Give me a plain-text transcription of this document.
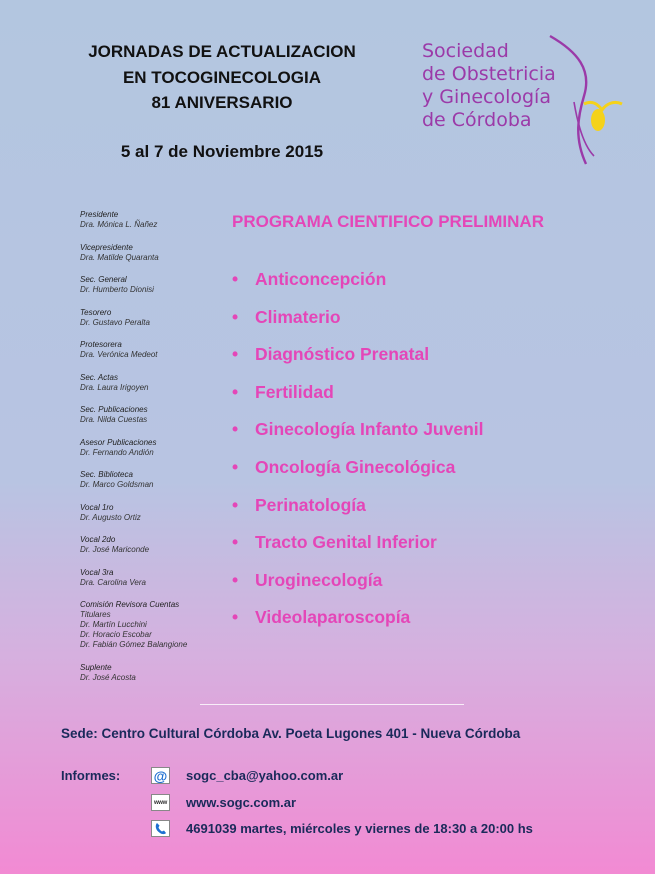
JORNADAS DE ACTUALIZACION
EN TOCOGINECOLOGIA
81 ANIVERSARIO
5 al 7 de Noviembre 2015
Sociedad
de Obstetricia
y Ginecología
de Córdoba
Presidente
Dra. Mónica L. Ñañez
Vicepresidente
Dra. Matilde Quaranta
Sec. General
Dr. Humberto Dionisi
Tesorero
Dr. Gustavo Peralta
Protesorera
Dra. Verónica Medeot
Sec. Actas
Dra. Laura Irigoyen
Sec. Publicaciones
Dra. Nilda Cuestas
Asesor Publicaciones
Dr. Fernando Andión
Sec. Biblioteca
Dr. Marco Goldsman
Vocal 1ro
Dr. Augusto Ortiz
Vocal 2do
Dr. José Mariconde
Vocal 3ra
Dra. Carolina Vera
Comisión Revisora Cuentas
Titulares
Dr. Martín Lucchini
Dr. Horacio Escobar
Dr. Fabián Gómez Balangione
Suplente
Dr. José Acosta
PROGRAMA CIENTIFICO PRELIMINAR
• Anticoncepción
• Climaterio
• Diagnóstico Prenatal
• Fertilidad
• Ginecología Infanto Juvenil
• Oncología Ginecológica
• Perinatología
• Tracto Genital Inferior
• Uroginecología
• Videolaparoscopía
Sede: Centro Cultural Córdoba Av. Poeta Lugones 401 - Nueva Córdoba
Informes: @ sogc_cba@yahoo.com.ar
www www.sogc.com.ar
4691039 martes, miércoles y viernes de 18:30 a 20:00 hs
